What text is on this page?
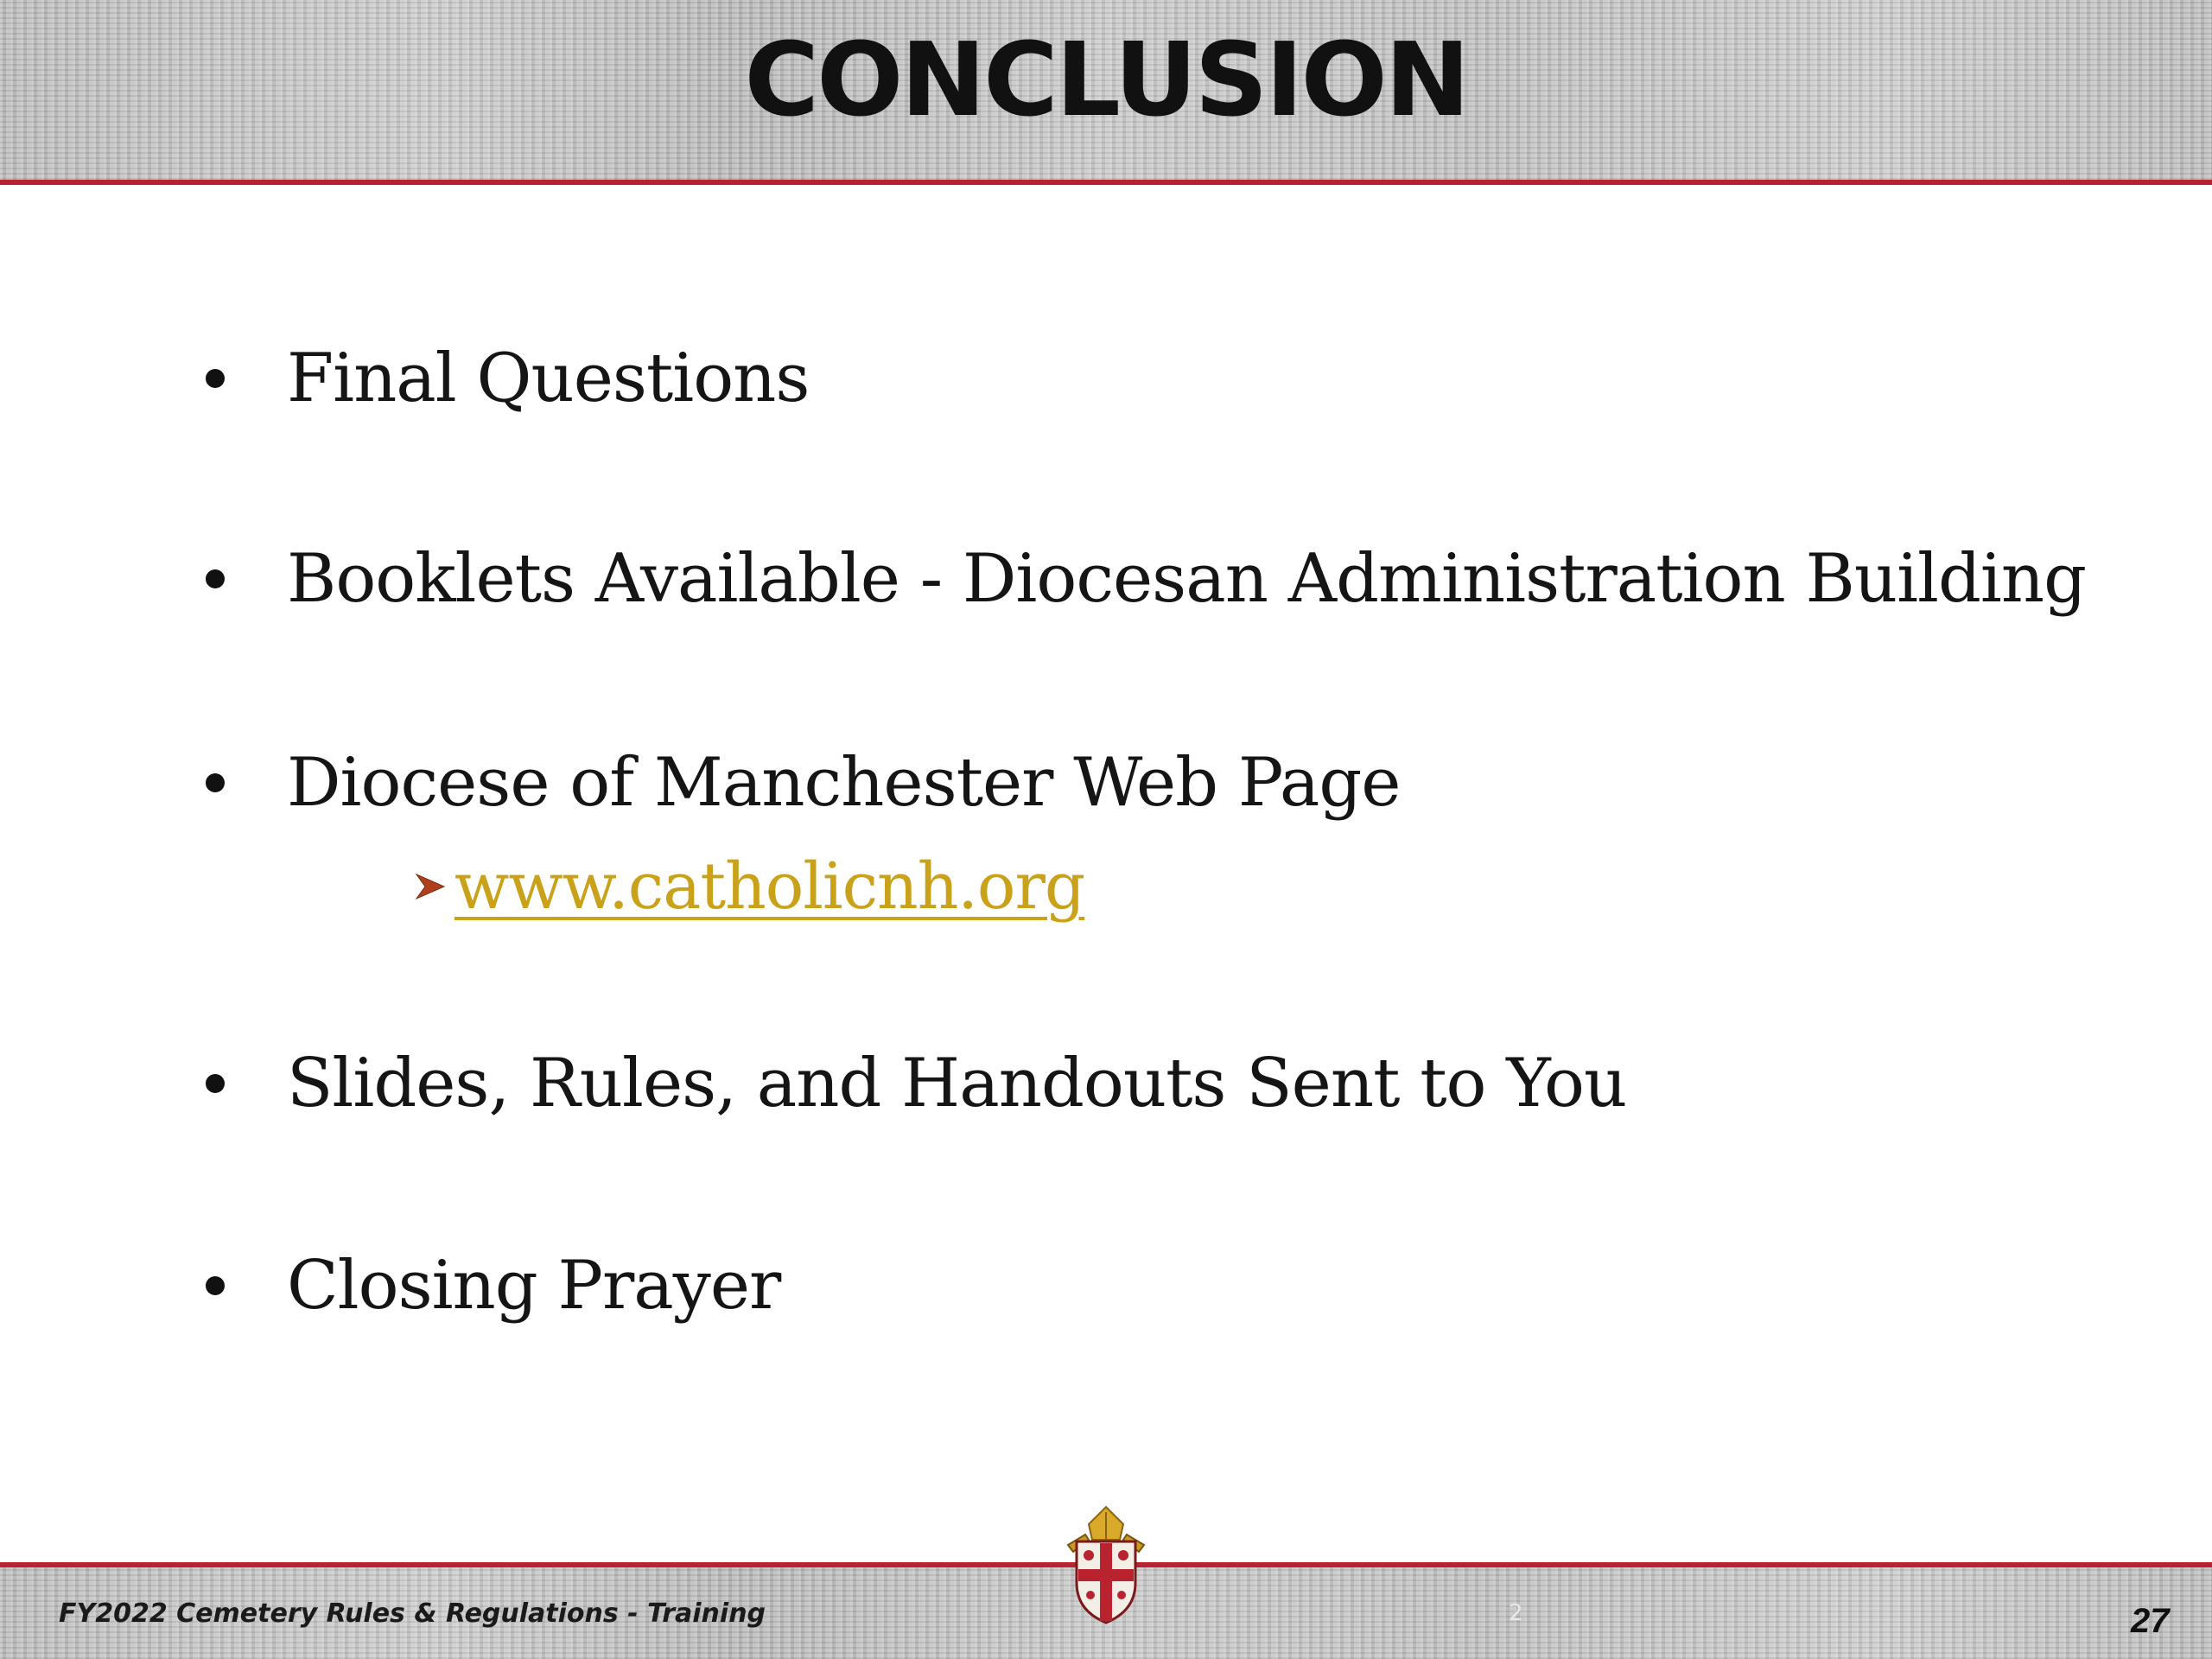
CONCLUSION
Final Questions
Booklets Available - Diocesan Administration Building
Diocese of Manchester Web Page
www.catholicnh.org
Slides, Rules, and Handouts Sent to You
Closing Prayer
FY2022 Cemetery Rules & Regulations - Training	2	27
